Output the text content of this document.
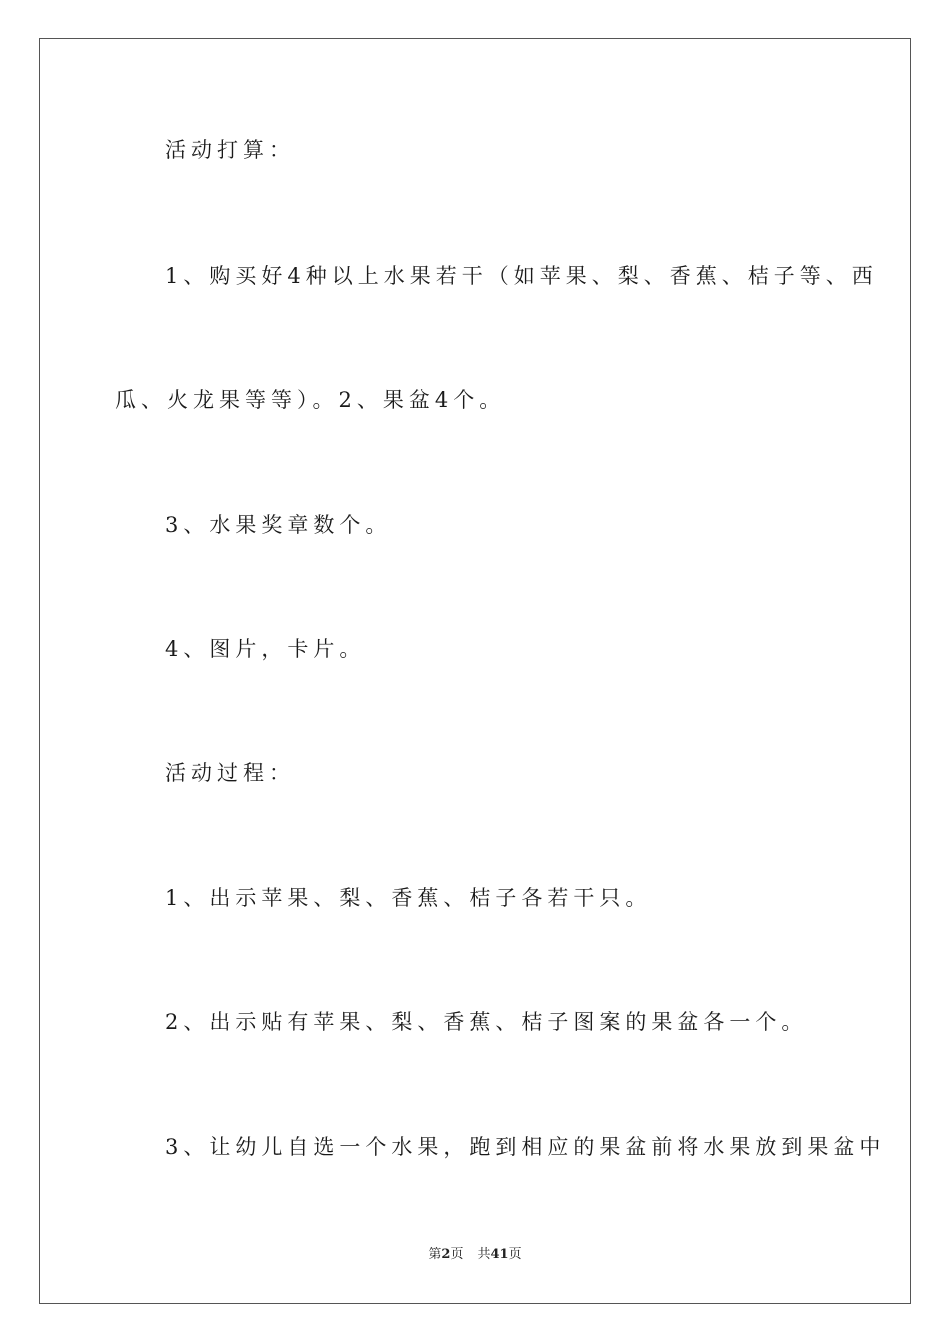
活动打算：
1、购买好4种以上水果若干（如苹果、梨、香蕉、桔子等、西
瓜、火龙果等等）。2、果盆4个。
3、水果奖章数个。
4、图片，卡片。
活动过程：
1、出示苹果、梨、香蕉、桔子各若干只。
2、出示贴有苹果、梨、香蕉、桔子图案的果盆各一个。
3、让幼儿自选一个水果，跑到相应的果盆前将水果放到果盆中
第2页 共41页
